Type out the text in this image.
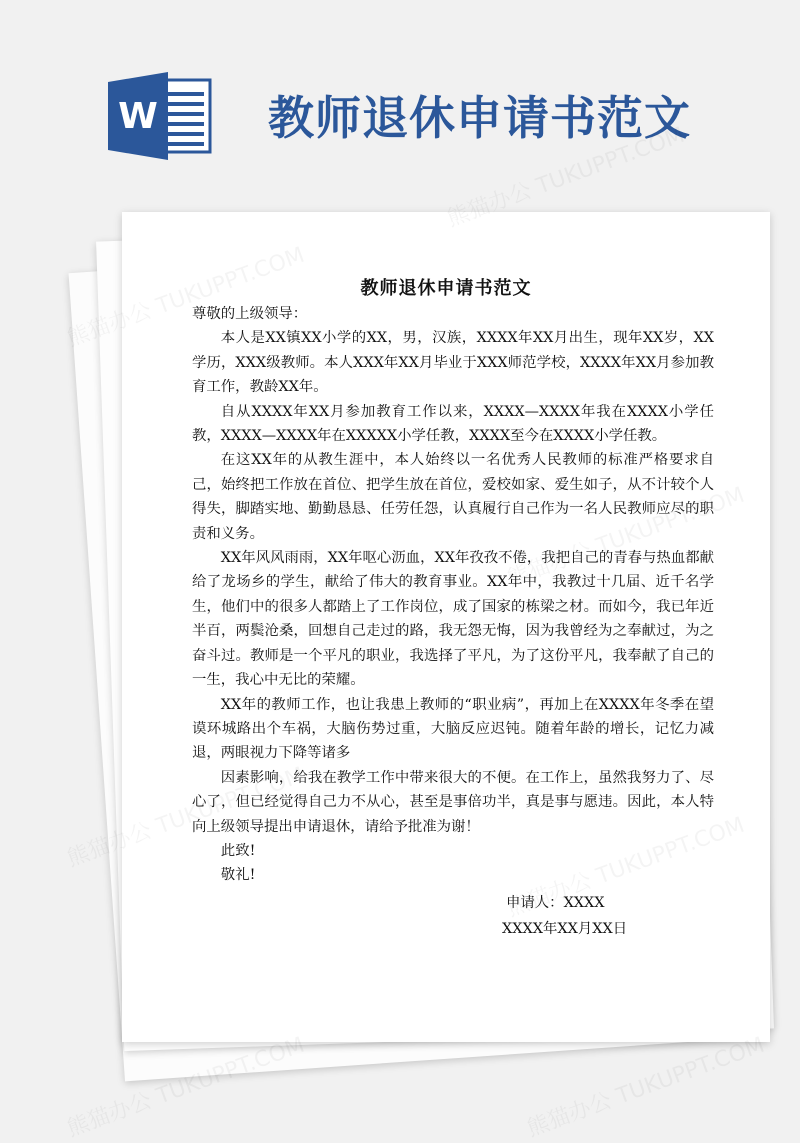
W 教师退休申请书范文
教师退休申请书范文

尊敬的上级领导：

本人是XX镇XX小学的XX，男，汉族，XXXX年XX月出生，现年XX岁，XX学历，XXX级教师。本人XXX年XX月毕业于XXX师范学校，XXXX年XX月参加教育工作，教龄XX年。

自从XXXX年XX月参加教育工作以来，XXXX—XXXX年我在XXXX小学任教，XXXX—XXXX年在XXXXX小学任教，XXXX至今在XXXX小学任教。

在这XX年的从教生涯中，本人始终以一名优秀人民教师的标准严格要求自己，始终把工作放在首位、把学生放在首位，爱校如家、爱生如子，从不计较个人得失，脚踏实地、勤勤恳恳、任劳任怨，认真履行自己作为一名人民教师应尽的职责和义务。

XX年风风雨雨，XX年呕心沥血，XX年孜孜不倦，我把自己的青春与热血都献给了龙场乡的学生，献给了伟大的教育事业。XX年中，我教过十几届、近千名学生，他们中的很多人都踏上了工作岗位，成了国家的栋梁之材。而如今，我已年近半百，两鬓沧桑，回想自己走过的路，我无怨无悔，因为我曾经为之奉献过，为之奋斗过。教师是一个平凡的职业，我选择了平凡，为了这份平凡，我奉献了自己的一生，我心中无比的荣耀。

XX年的教师工作，也让我患上教师的“职业病”，再加上在XXXX年冬季在望谟环城路出个车祸，大脑伤势过重，大脑反应迟钝。随着年龄的增长，记忆力减退，两眼视力下降等诸多

因素影响，给我在教学工作中带来很大的不便。在工作上，虽然我努力了、尽心了，但已经觉得自己力不从心，甚至是事倍功半，真是事与愿违。因此，本人特向上级领导提出申请退休，请给予批准为谢！

此致!
敬礼!
申请人：XXXX
XXXX年XX月XX日
